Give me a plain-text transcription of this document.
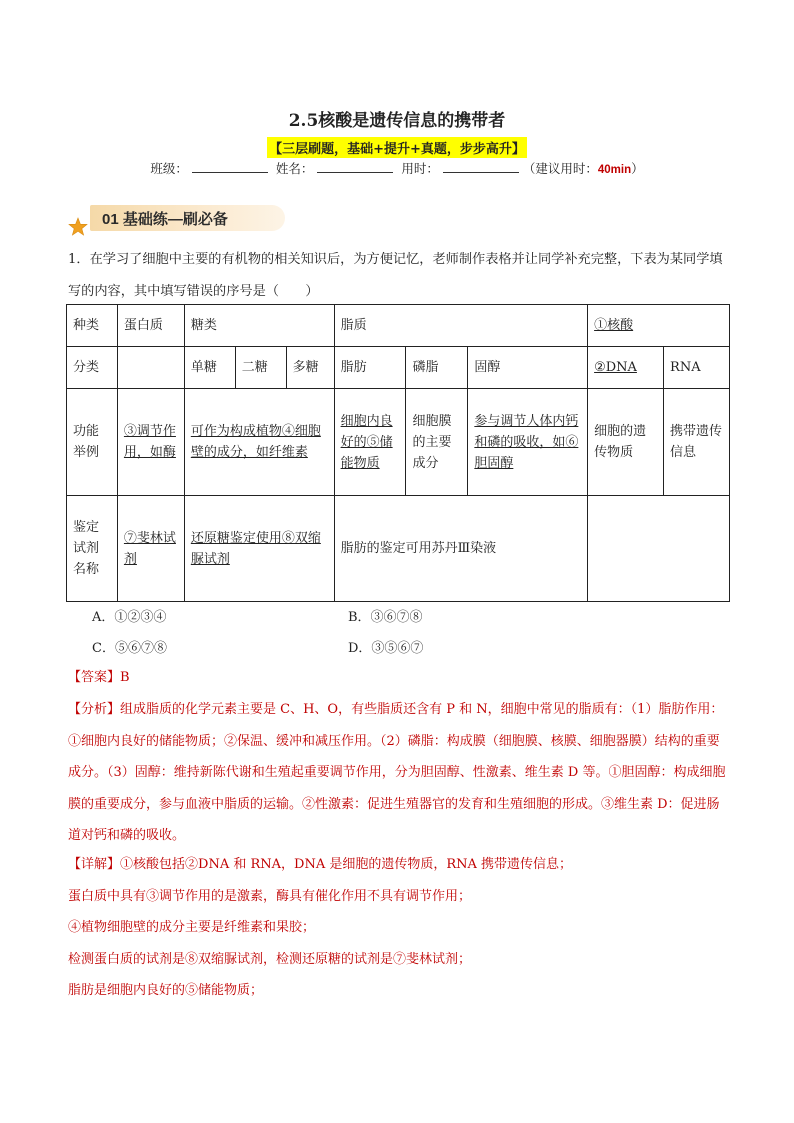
2.5核酸是遗传信息的携带者
【三层刷题，基础+提升+真题，步步高升】
班级：	姓名：	用时：	（建议用时：40min）
01 基础练—刷必备
1．在学习了细胞中主要的有机物的相关知识后，为方便记忆，老师制作表格并让同学补充完整，下表为某同学填写的内容，其中填写错误的序号是（　　）
种类	蛋白质	糖类			脂质			①核酸	
分类		单糖	二糖	多糖	脂肪	磷脂	固醇	②DNA	RNA
功能举例	③调节作用，如酶	可作为构成植物④细胞壁的成分，如纤维素			细胞内良好的⑤储能物质	细胞膜的主要成分	参与调节人体内钙和磷的吸收，如⑥胆固醇	细胞的遗传物质	携带遗传信息
鉴定试剂名称	⑦斐林试剂	还原糖鉴定使用⑧双缩脲试剂			脂肪的鉴定可用苏丹Ⅲ染液				
A．①②③④	B．③⑥⑦⑧
C．⑤⑥⑦⑧	D．③⑤⑥⑦
【答案】B
【分析】组成脂质的化学元素主要是 C、H、O，有些脂质还含有 P 和 N，细胞中常见的脂质有：（1）脂肪作用：①细胞内良好的储能物质；②保温、缓冲和减压作用。（2）磷脂：构成膜（细胞膜、核膜、细胞器膜）结构的重要成分。（3）固醇：维持新陈代谢和生殖起重要调节作用，分为胆固醇、性激素、维生素 D 等。①胆固醇：构成细胞膜的重要成分，参与血液中脂质的运输。②性激素：促进生殖器官的发育和生殖细胞的形成。③维生素 D：促进肠道对钙和磷的吸收。
【详解】①核酸包括②DNA 和 RNA，DNA 是细胞的遗传物质，RNA 携带遗传信息；
蛋白质中具有③调节作用的是激素，酶具有催化作用不具有调节作用；
④植物细胞壁的成分主要是纤维素和果胶；
检测蛋白质的试剂是⑧双缩脲试剂，检测还原糖的试剂是⑦斐林试剂；
脂肪是细胞内良好的⑤储能物质；
